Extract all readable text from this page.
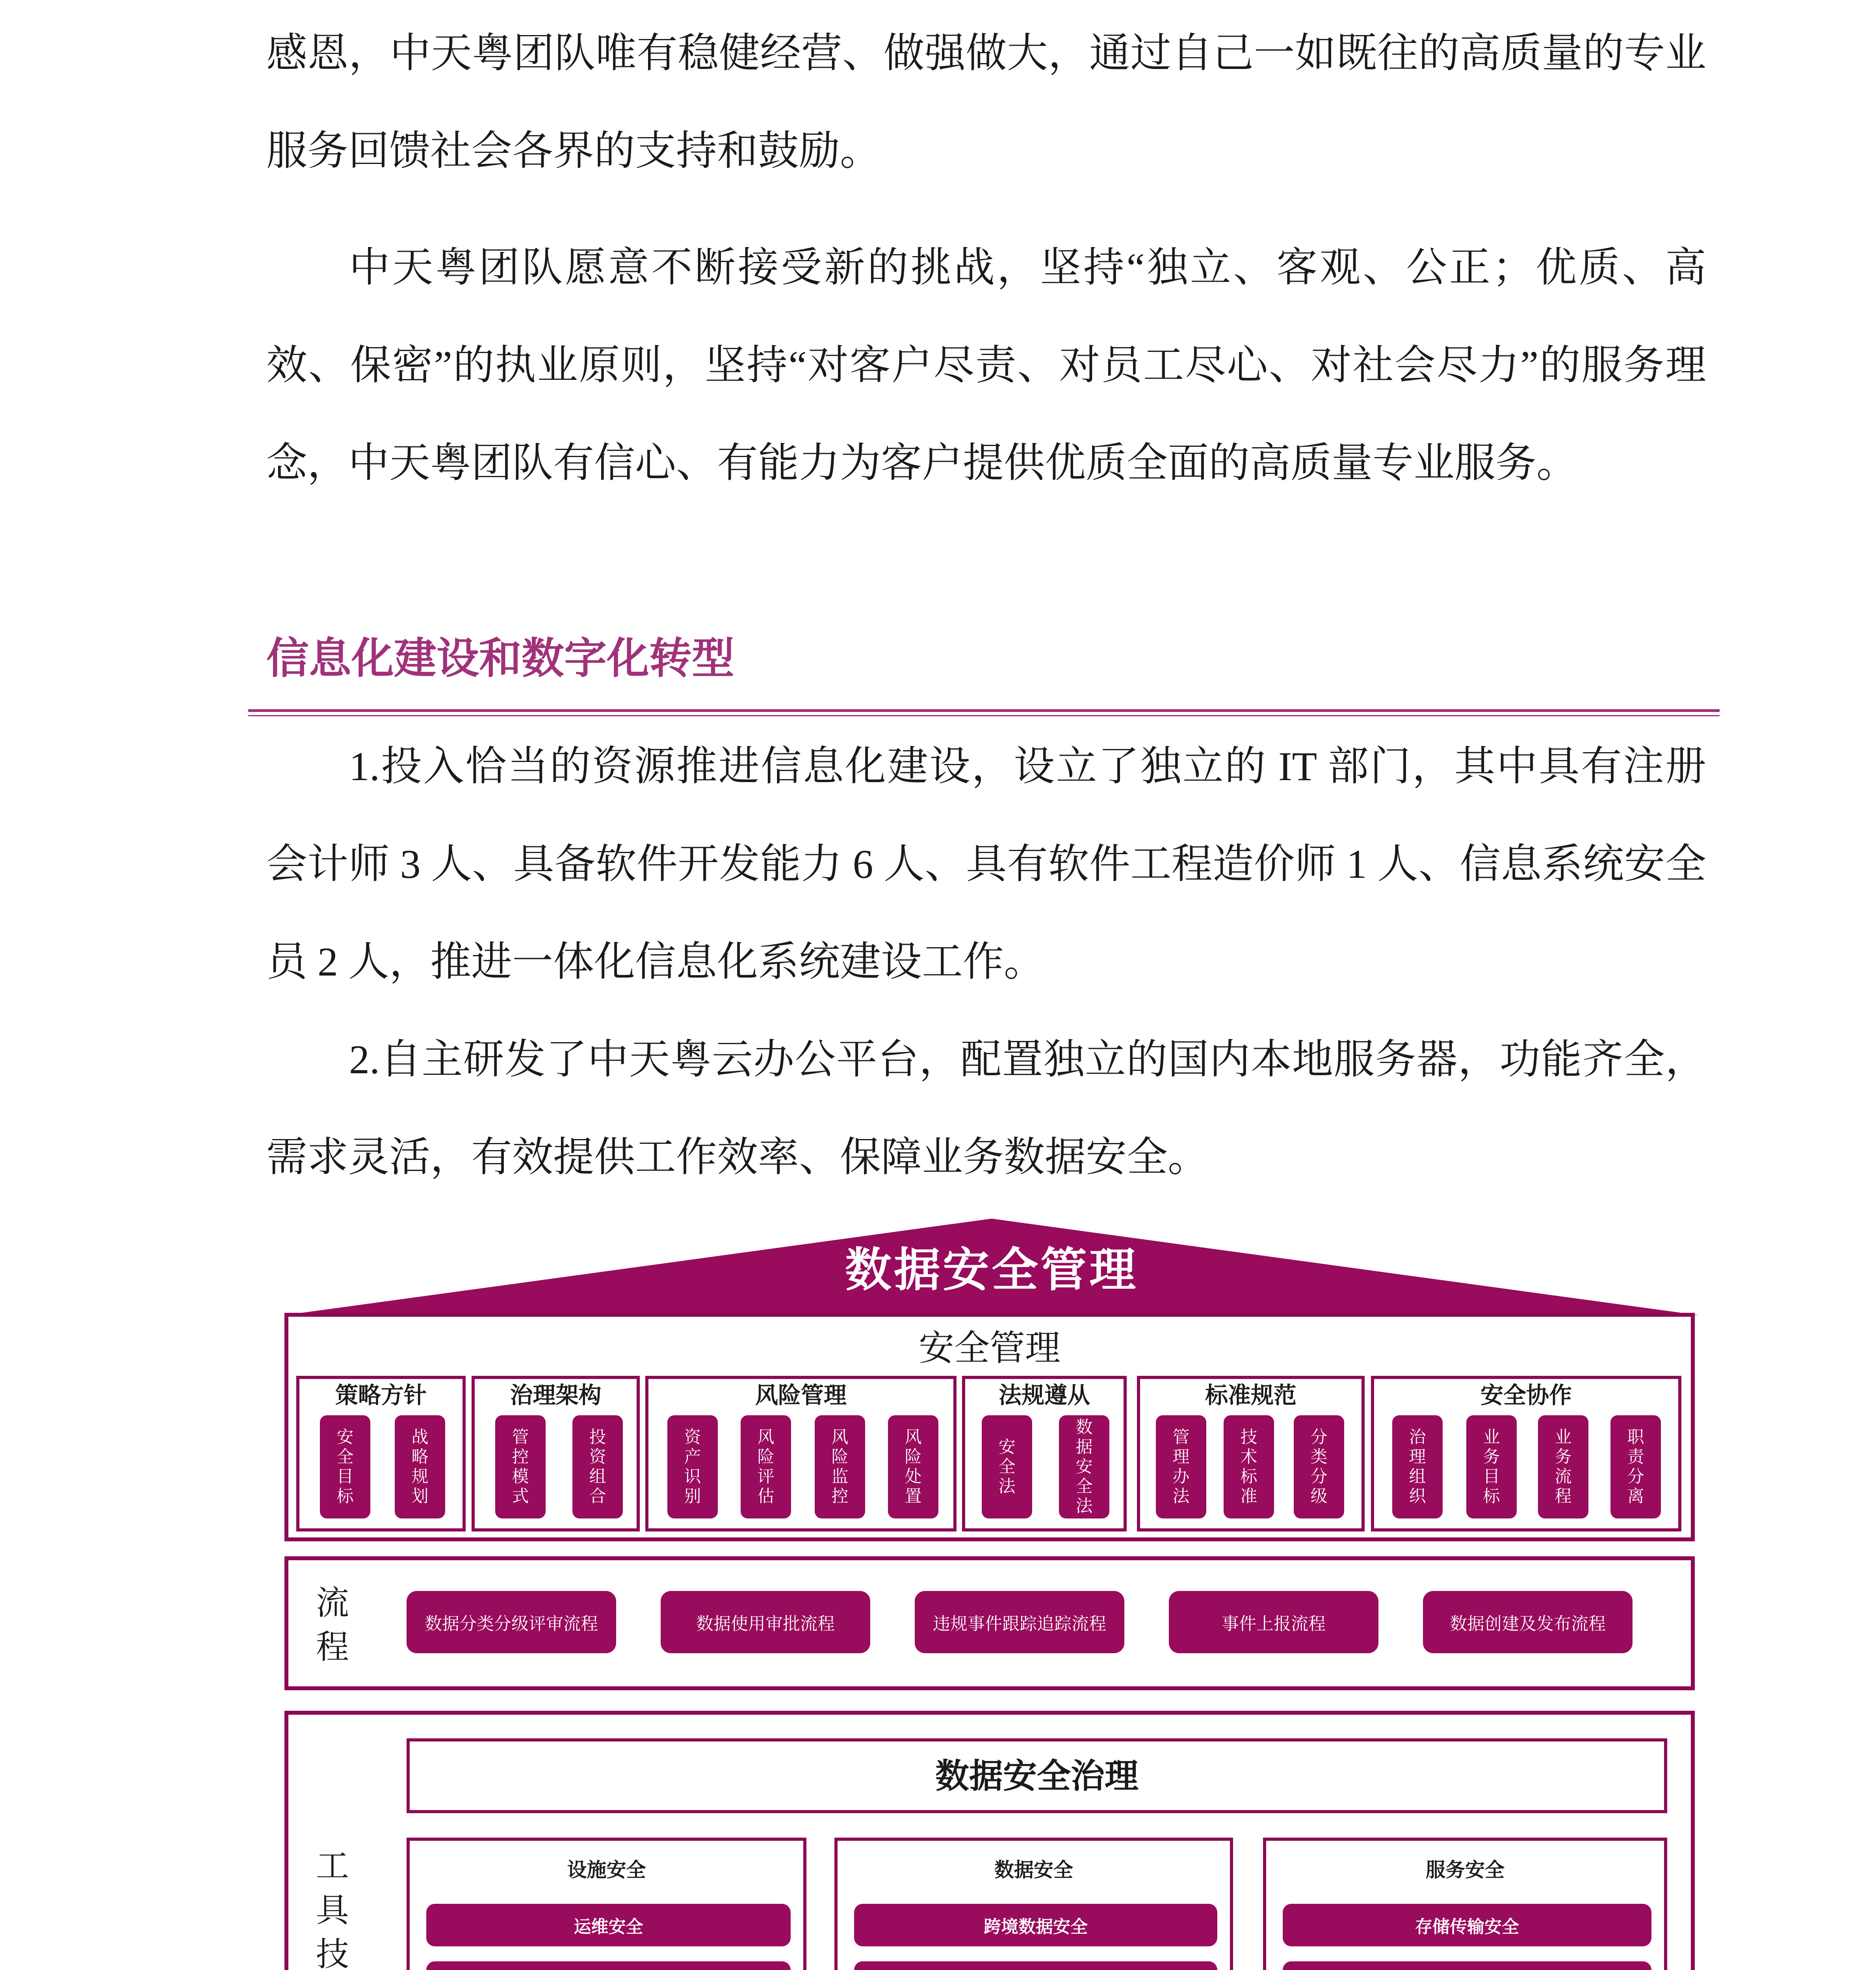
感恩，中天粤团队唯有稳健经营、做强做大，通过自己一如既往的高质量的专业服务回馈社会各界的支持和鼓励。

中天粤团队愿意不断接受新的挑战，坚持“独立、客观、公正；优质、高效、保密”的执业原则，坚持“对客户尽责、对员工尽心、对社会尽力”的服务理念，中天粤团队有信心、有能力为客户提供优质全面的高质量专业服务。

信息化建设和数字化转型

1.投入恰当的资源推进信息化建设，设立了独立的 IT 部门，其中具有注册会计师 3 人、具备软件开发能力 6 人、具有软件工程造价师 1 人、信息系统安全员 2 人，推进一体化信息化系统建设工作。

2.自主研发了中天粤云办公平台，配置独立的国内本地服务器，功能齐全，需求灵活，有效提供工作效率、保障业务数据安全。

数据安全管理
安全管理
策略方针
安
全
目
标
战
略
规
划
治理架构
管
控
模
式
投
资
组
合
风险管理
资
产
识
别
风
险
评
估
风
险
监
控
风
险
处
置
法规遵从
安
全
法
数
据
安
全
法
标准规范
管
理
办
法
技
术
标
准
分
类
分
级
安全协作
治
理
组
织
业
务
目
标
业
务
流
程
职
责
分
离
流
程
数据分类分级评审流程	数据使用审批流程	违规事件跟踪追踪流程	事件上报流程	数据创建及发布流程
工
具
技

数据安全治理
设施安全
运维安全
数据安全
跨境数据安全
服务安全
存储传输安全
